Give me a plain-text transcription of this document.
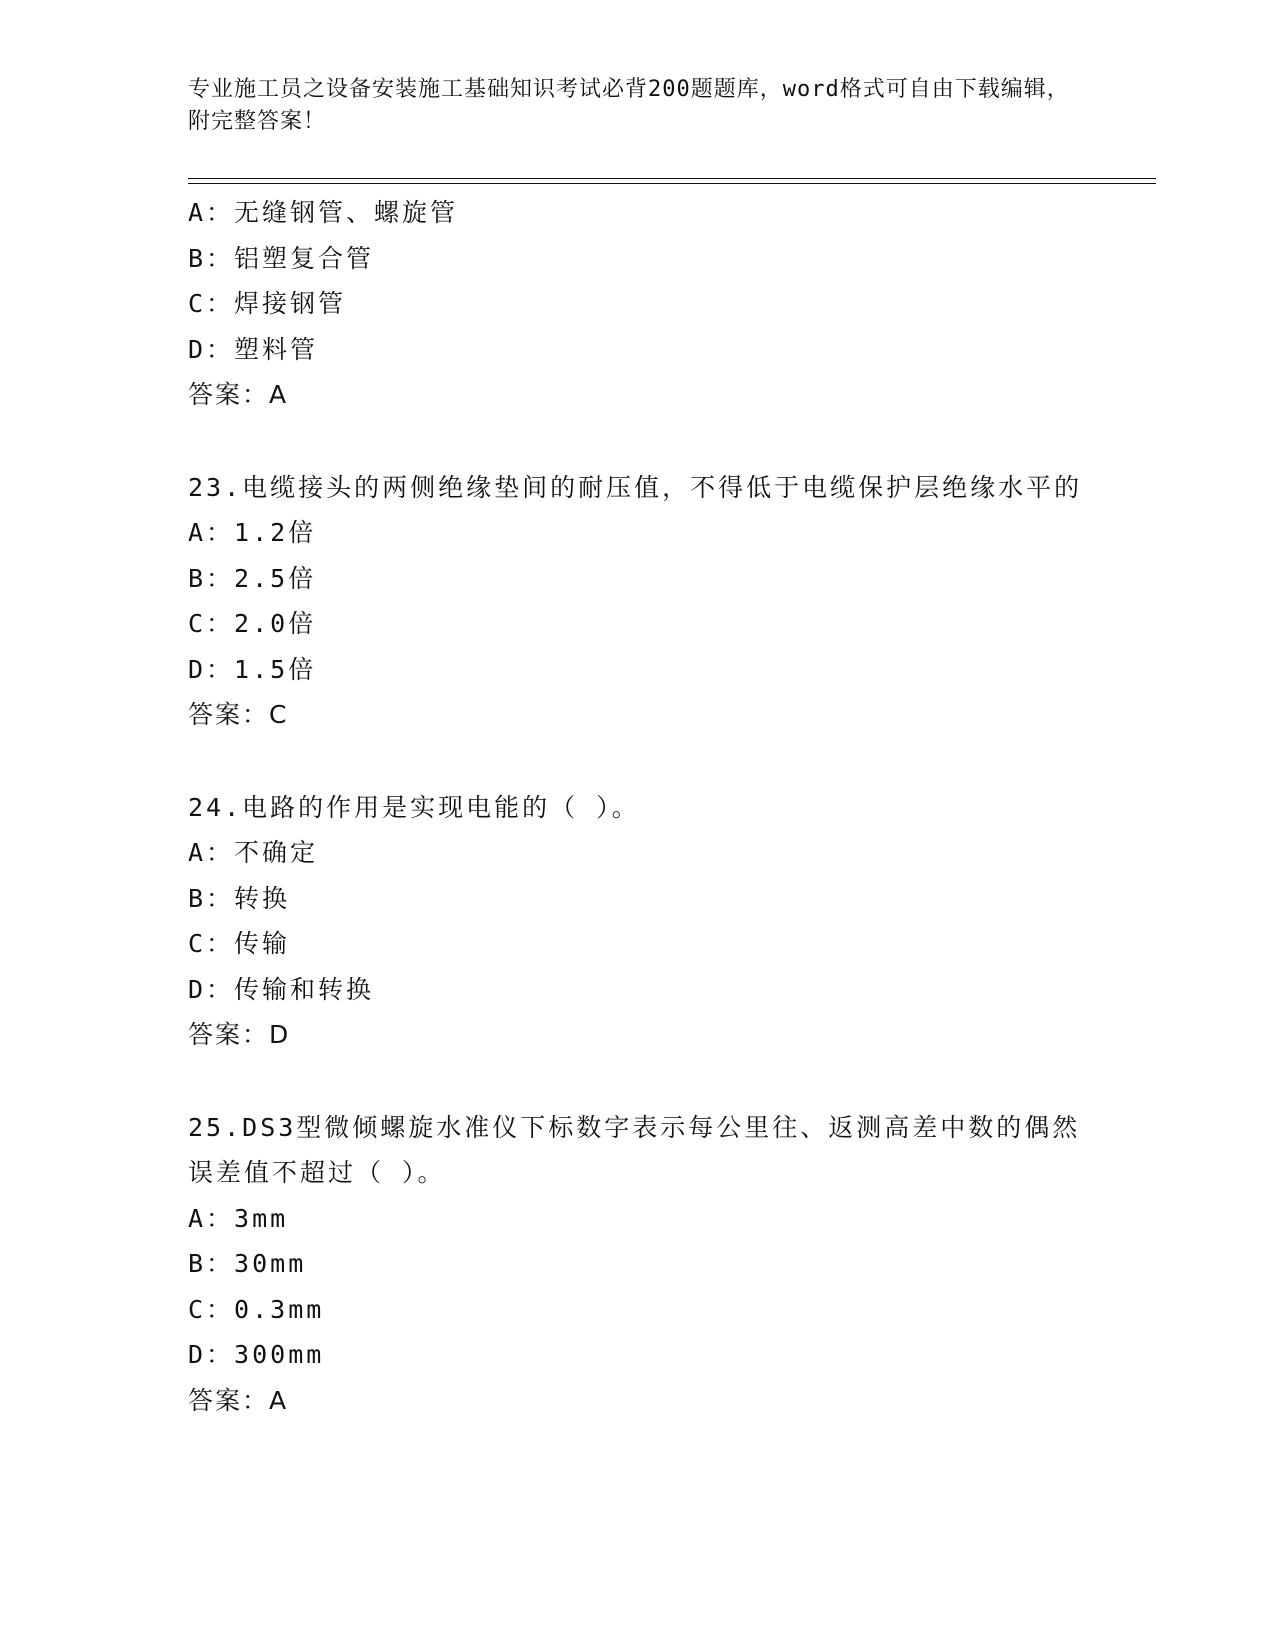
专业施工员之设备安装施工基础知识考试必背200题题库，word格式可自由下载编辑，附完整答案！
A：无缝钢管、螺旋管
B：铝塑复合管
C：焊接钢管
D：塑料管
答案：A
23.电缆接头的两侧绝缘垫间的耐压值，不得低于电缆保护层绝缘水平的
A：1.2倍
B：2.5倍
C：2.0倍
D：1.5倍
答案：C
24.电路的作用是实现电能的（ ）。
A：不确定
B：转换
C：传输
D：传输和转换
答案：D
25.DS3型微倾螺旋水准仪下标数字表示每公里往、返测高差中数的偶然误差值不超过（ ）。
A：3mm
B：30mm
C：0.3mm
D：300mm
答案：A
